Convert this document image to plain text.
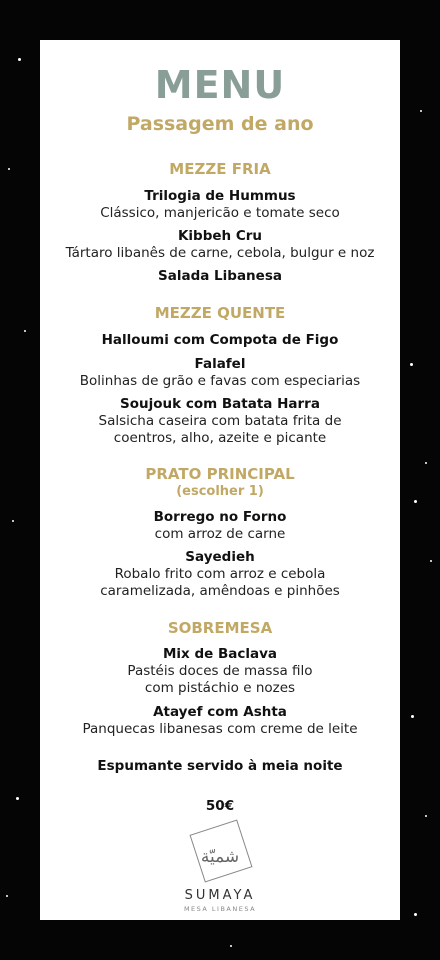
MENU
Passagem de ano
MEZZE FRIA
Trilogia de Hummus
Clássico, manjericão e tomate seco
Kibbeh Cru
Tártaro libanês de carne, cebola, bulgur e noz
Salada Libanesa
MEZZE QUENTE
Halloumi com Compota de Figo
Falafel
Bolinhas de grão e favas com especiarias
Soujouk com Batata Harra
Salsicha caseira com batata frita de
coentros, alho, azeite e picante
PRATO PRINCIPAL
(escolher 1)
Borrego no Forno
com arroz de carne
Sayedieh
Robalo frito com arroz e cebola
caramelizada, amêndoas e pinhões
SOBREMESA
Mix de Baclava
Pastéis doces de massa filo
com pistáchio e nozes
Atayef com Ashta
Panquecas libanesas com creme de leite
Espumante servido à meia noite
50€
شميّة
SUMAYA
MESA LIBANESA
